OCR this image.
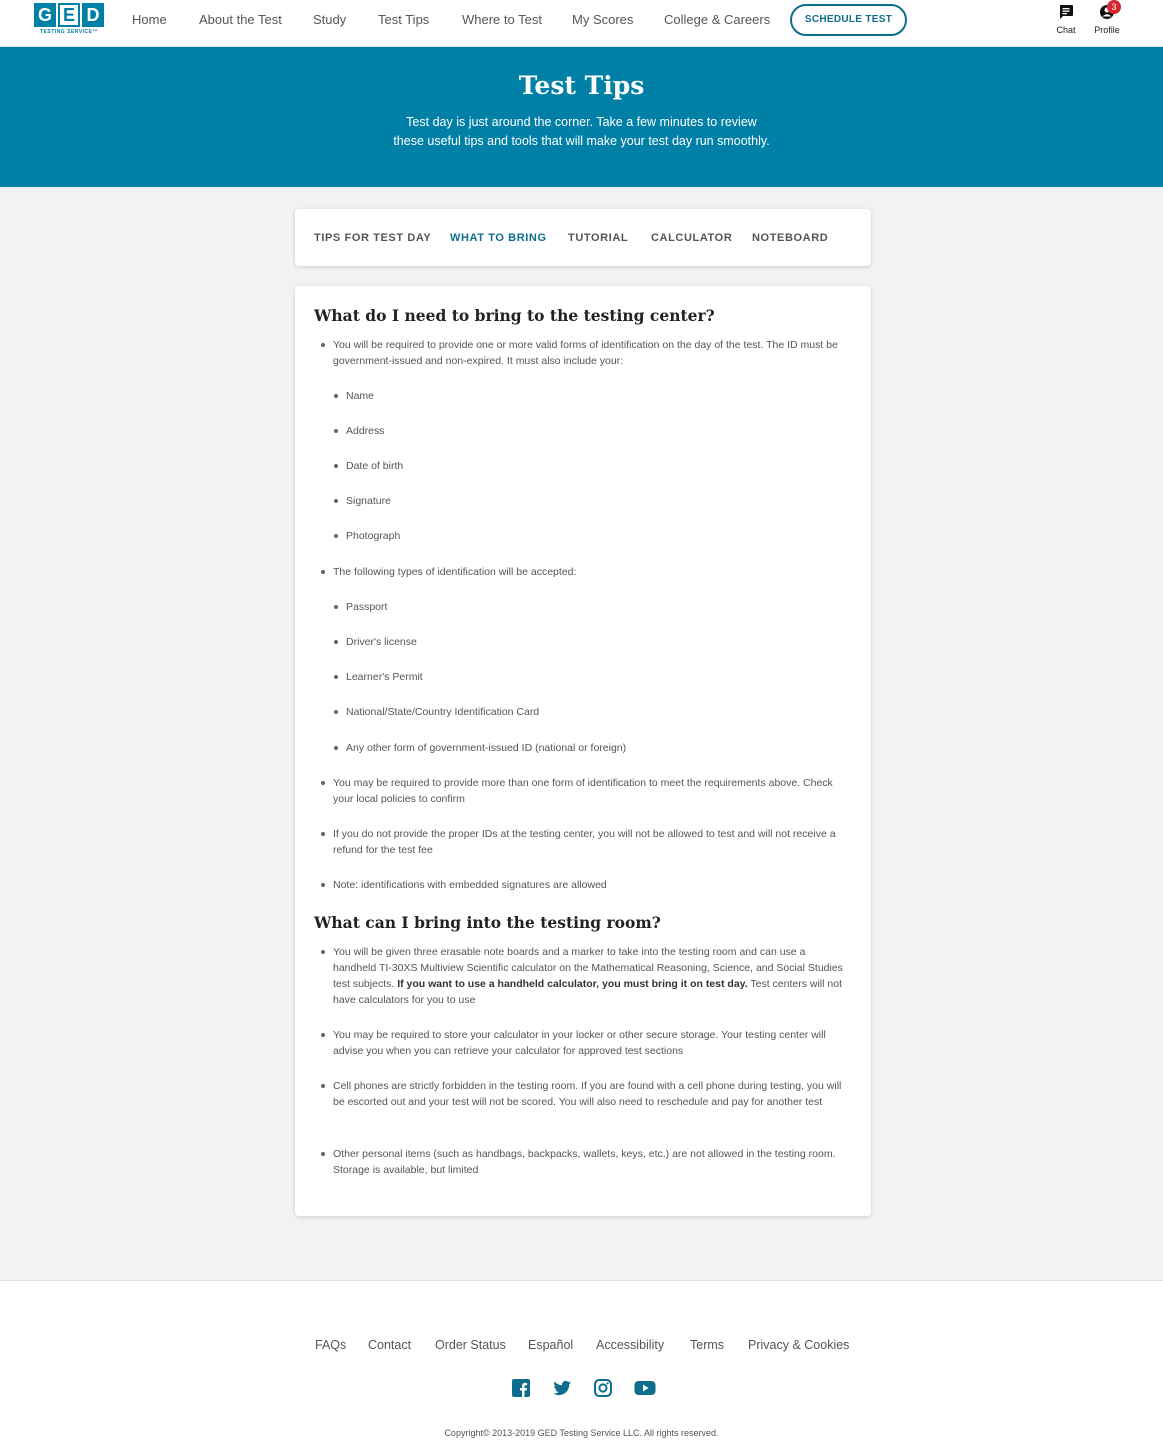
G E D
TESTING SERVICE™
Home About the Test Study Test Tips	Where to Test My Scores College & Careers	SCHEDULE TEST
Chat
3
Profile
Test Tips

Test day is just around the corner. Take a few minutes to review these useful tips and tools that will make your test day run smoothly.

TIPS FOR TEST DAY WHAT TO BRING TUTORIAL CALCULATOR NOTEBOARD
What do I need to bring to the testing center?
You will be required to provide one or more valid forms of identification on the day of the test. The ID must be government-issued and non-expired. It must also include your:
Name
Address
Date of birth
Signature
Photograph
The following types of identification will be accepted:
Passport
Driver's license
Learner's Permit
National/State/Country Identification Card
Any other form of government-issued ID (national or foreign)
You may be required to provide more than one form of identification to meet the requirements above. Check your local policies to confirm
If you do not provide the proper IDs at the testing center, you will not be allowed to test and will not receive a refund for the test fee
Note: identifications with embedded signatures are allowed
What can I bring into the testing room?
You will be given three erasable note boards and a marker to take into the testing room and can use a handheld TI-30XS Multiview Scientific calculator on the Mathematical Reasoning, Science, and Social Studies test subjects. If you want to use a handheld calculator, you must bring it on test day. Test centers will not have calculators for you to use
You may be required to store your calculator in your locker or other secure storage. Your testing center will advise you when you can retrieve your calculator for approved test sections
Cell phones are strictly forbidden in the testing room. If you are found with a cell phone during testing, you will be escorted out and your test will not be scored. You will also need to reschedule and pay for another test
Other personal items (such as handbags, backpacks, wallets, keys, etc.) are not allowed in the testing room. Storage is available, but limited
FAQs Contact Order Status Español Accessibility Terms Privacy & Cookies
Copyright© 2013-2019 GED Testing Service LLC. All rights reserved.
